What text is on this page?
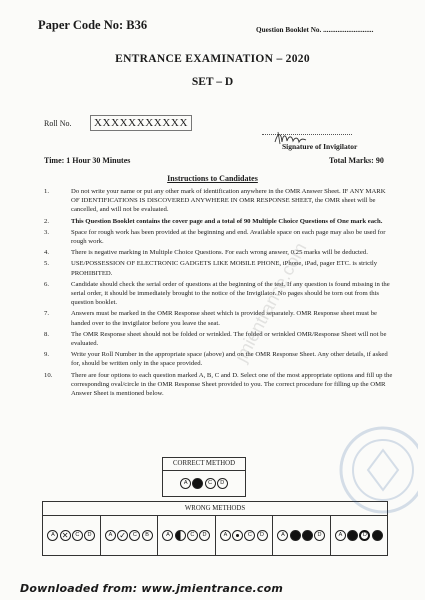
Paper Code No: B36	Question Booklet No. ............................
ENTRANCE EXAMINATION – 2020
SET – D
Roll No.	XXXXXXXXXXX
Signature of Invigilator
Time: 1 Hour 30 Minutes	Total Marks: 90
Instructions to Candidates
1.	Do not write your name or put any other mark of identification anywhere in the OMR Answer Sheet. IF ANY MARK OF IDENTIFICATIONS IS DISCOVERED ANYWHERE IN OMR RESPONSE SHEET, the OMR sheet will be cancelled, and will not be evaluated.
2.	This Question Booklet contains the cover page and a total of 90 Multiple Choice Questions of One mark each.
3.	Space for rough work has been provided at the beginning and end. Available space on each page may also be used for rough work.
4.	There is negative marking in Multiple Choice Questions. For each wrong answer, 0.25 marks will be deducted.
5.	USE/POSSESSION OF ELECTRONIC GADGETS LIKE MOBILE PHONE, iPhone, iPad, pager ETC. is strictly PROHIBITED.
6.	Candidate should check the serial order of questions at the beginning of the test. If any question is found missing in the serial order, it should be immediately brought to the notice of the Invigilator. No pages should be torn out from this question booklet.
7.	Answers must be marked in the OMR Response sheet which is provided separately. OMR Response sheet must be handed over to the invigilator before you leave the seat.
8.	The OMR Response sheet should not be folded or wrinkled. The folded or wrinkled OMR/Response Sheet will not be evaluated.
9.	Write your Roll Number in the appropriate space (above) and on the OMR Response Sheet. Any other details, if asked for, should be written only in the space provided.
10.	There are four options to each question marked A, B, C and D. Select one of the most appropriate options and fill up the corresponding oval/circle in the OMR Response Sheet provided to you. The correct procedure for filling up the OMR Answer Sheet is mentioned below.
CORRECT METHOD
A	B	C	D
WRONG METHODS
A ✕	C	D	A ✓	C	B	A	C	D	A	C	D	A	D	A	D
jmientrance.com
Downloaded from: www.jmientrance.com
